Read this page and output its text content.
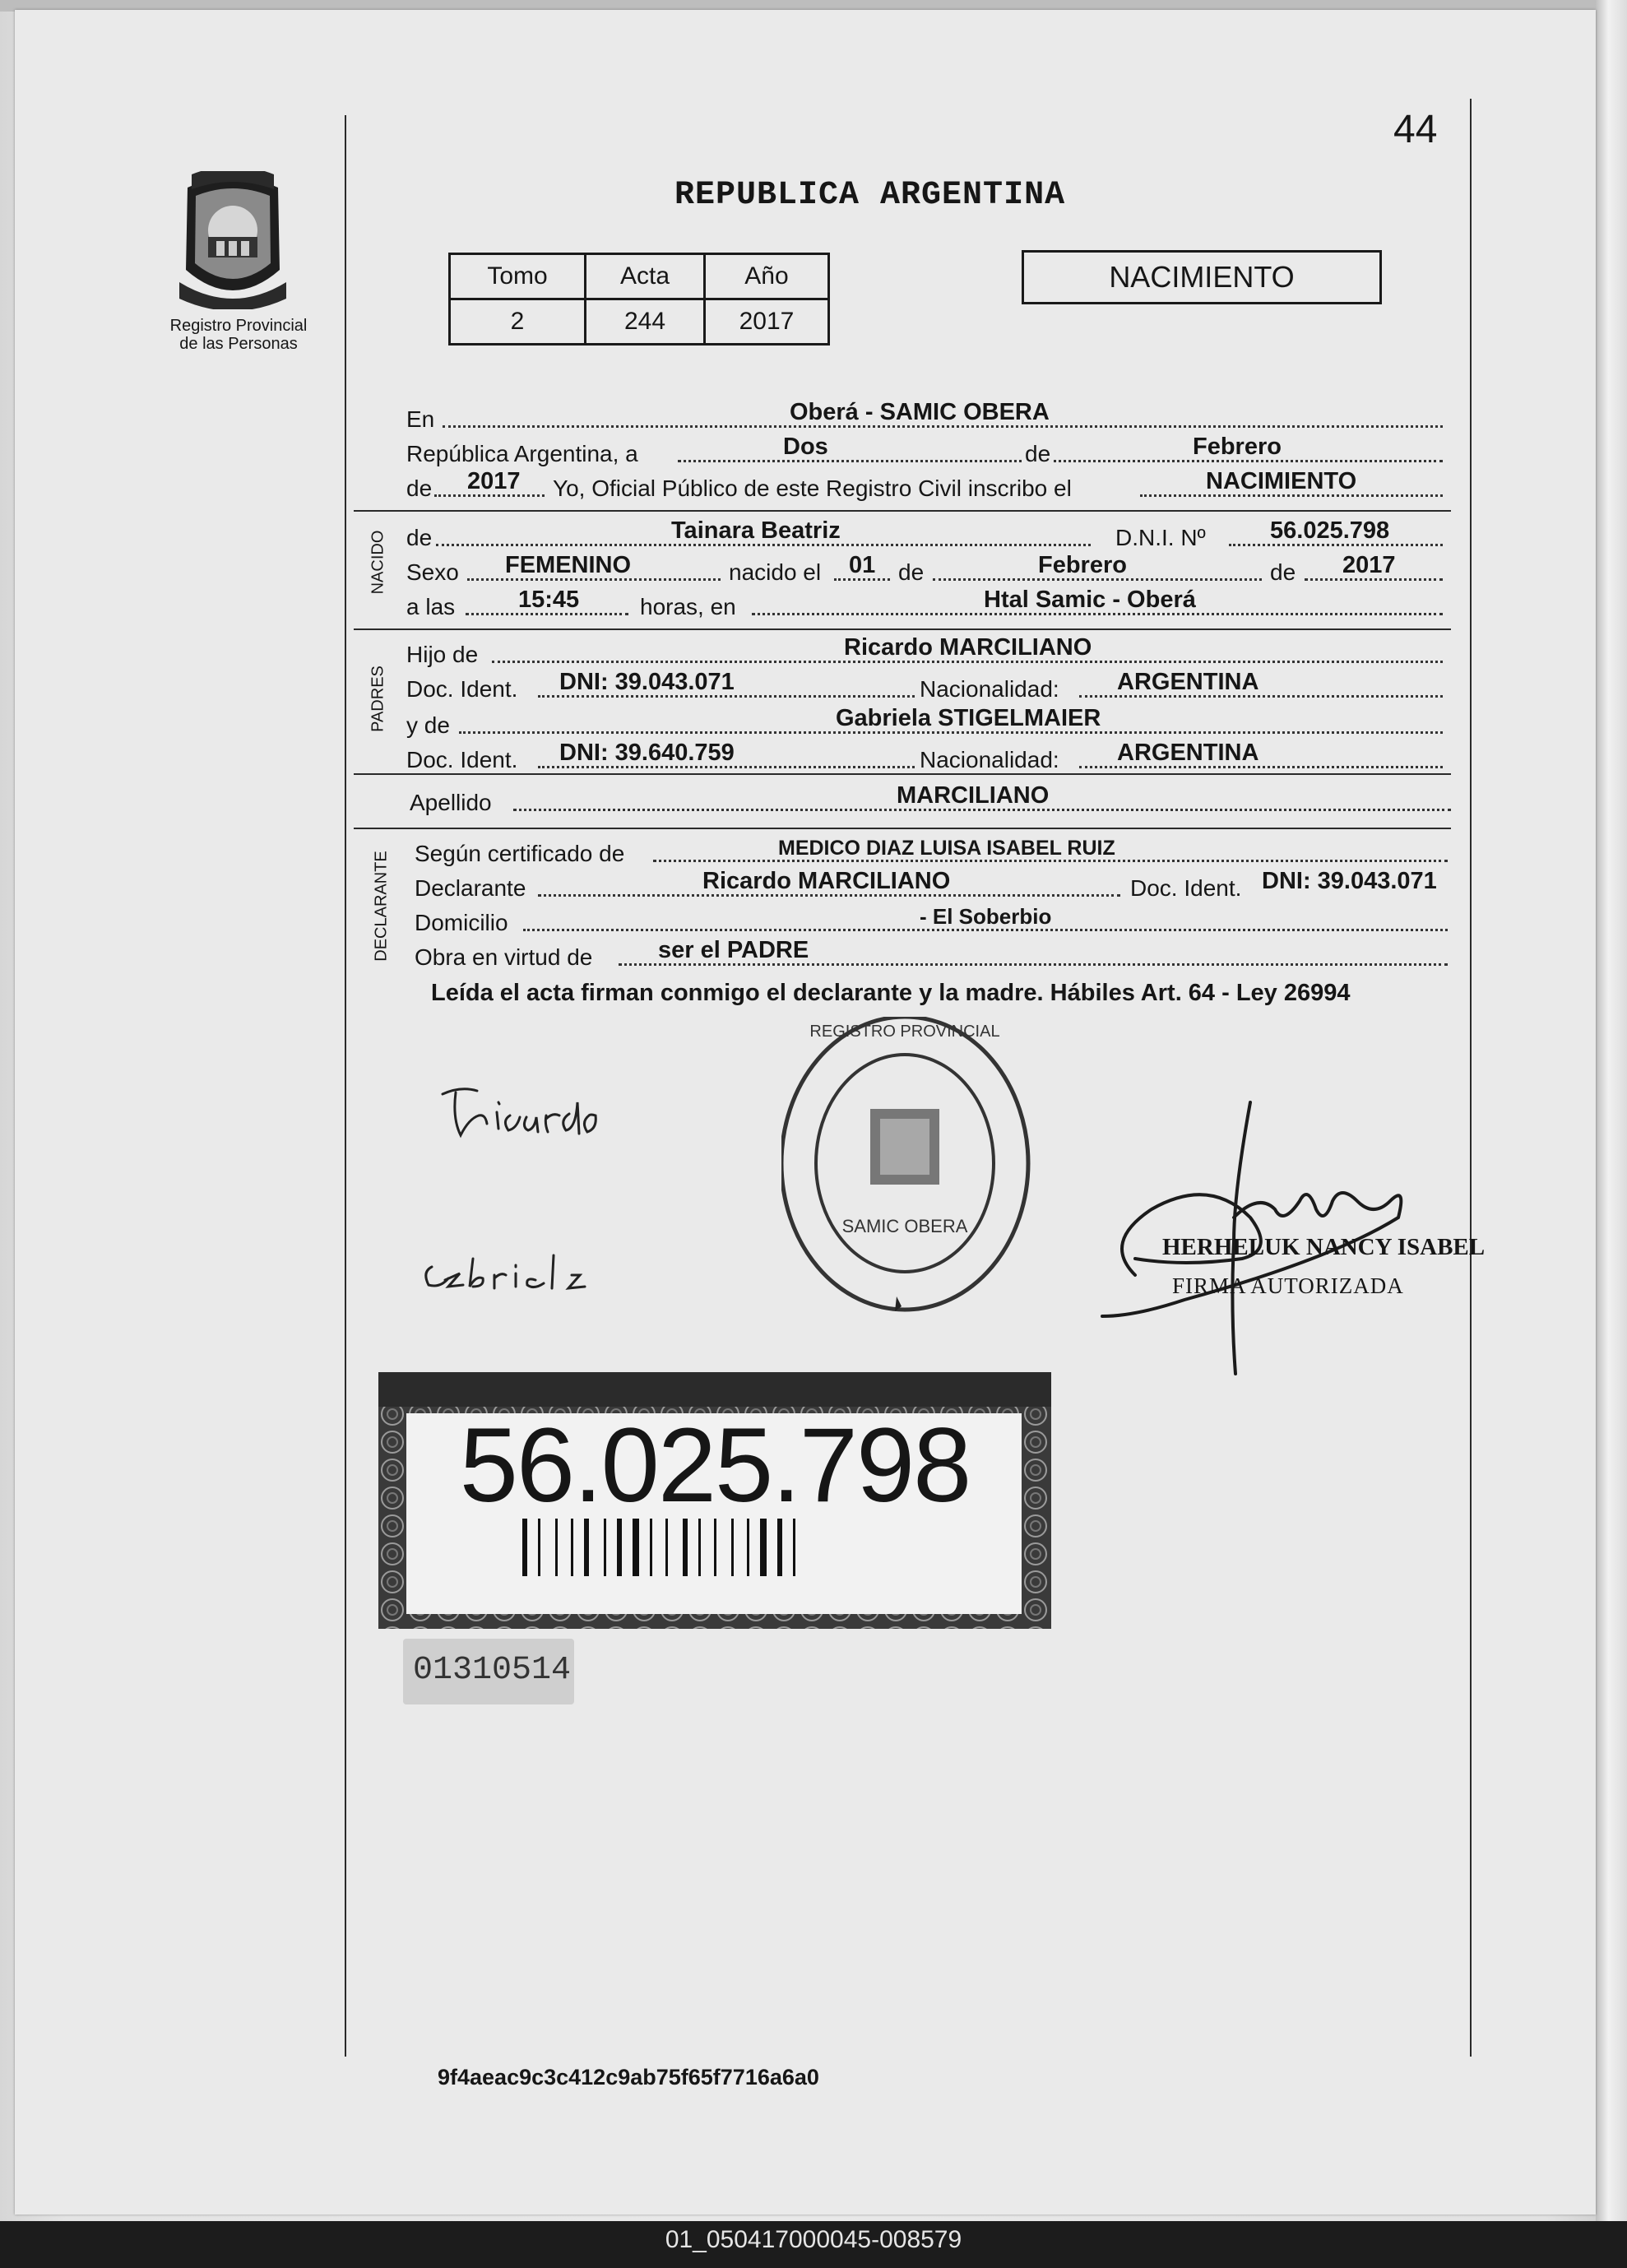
44
REPUBLICA ARGENTINA
Registro Provincial
de las Personas
Tomo	Acta	Año
2	244	2017
NACIMIENTO
En	Oberá - SAMIC OBERA
República Argentina, a	Dos	de	Febrero
de 2017 Yo, Oficial Público de este Registro Civil inscribo el	NACIMIENTO
NACIDO de	Tainara Beatriz	D.N.I. Nº	56.025.798
Sexo FEMENINO	nacido el 01 de	Febrero	de 2017
a las	15:45	horas, en	Htal Samic - Oberá
PADRES
Hijo de	Ricardo MARCILIANO
Doc. Ident. DNI: 39.043.071	Nacionalidad: ARGENTINA
y de	Gabriela STIGELMAIER
Doc. Ident. DNI: 39.640.759	Nacionalidad: ARGENTINA
Apellido	MARCILIANO
DECLARANTE Según certificado de	MEDICO DIAZ LUISA ISABEL RUIZ
Declarante	Ricardo MARCILIANO	Doc. Ident. DNI: 39.043.071
Domicilio	- El Soberbio
Obra en virtud de	ser el PADRE
Leída el acta firman conmigo el declarante y la madre. Hábiles Art. 64 - Ley 26994
SAMIC OBERA
REGISTRO PROVINCIAL
HERHELUK NANCY ISABEL
FIRMA AUTORIZADA
56.025.798
01310514
9f4aeac9c3c412c9ab75f65f7716a6a0
01_050417000045-008579
